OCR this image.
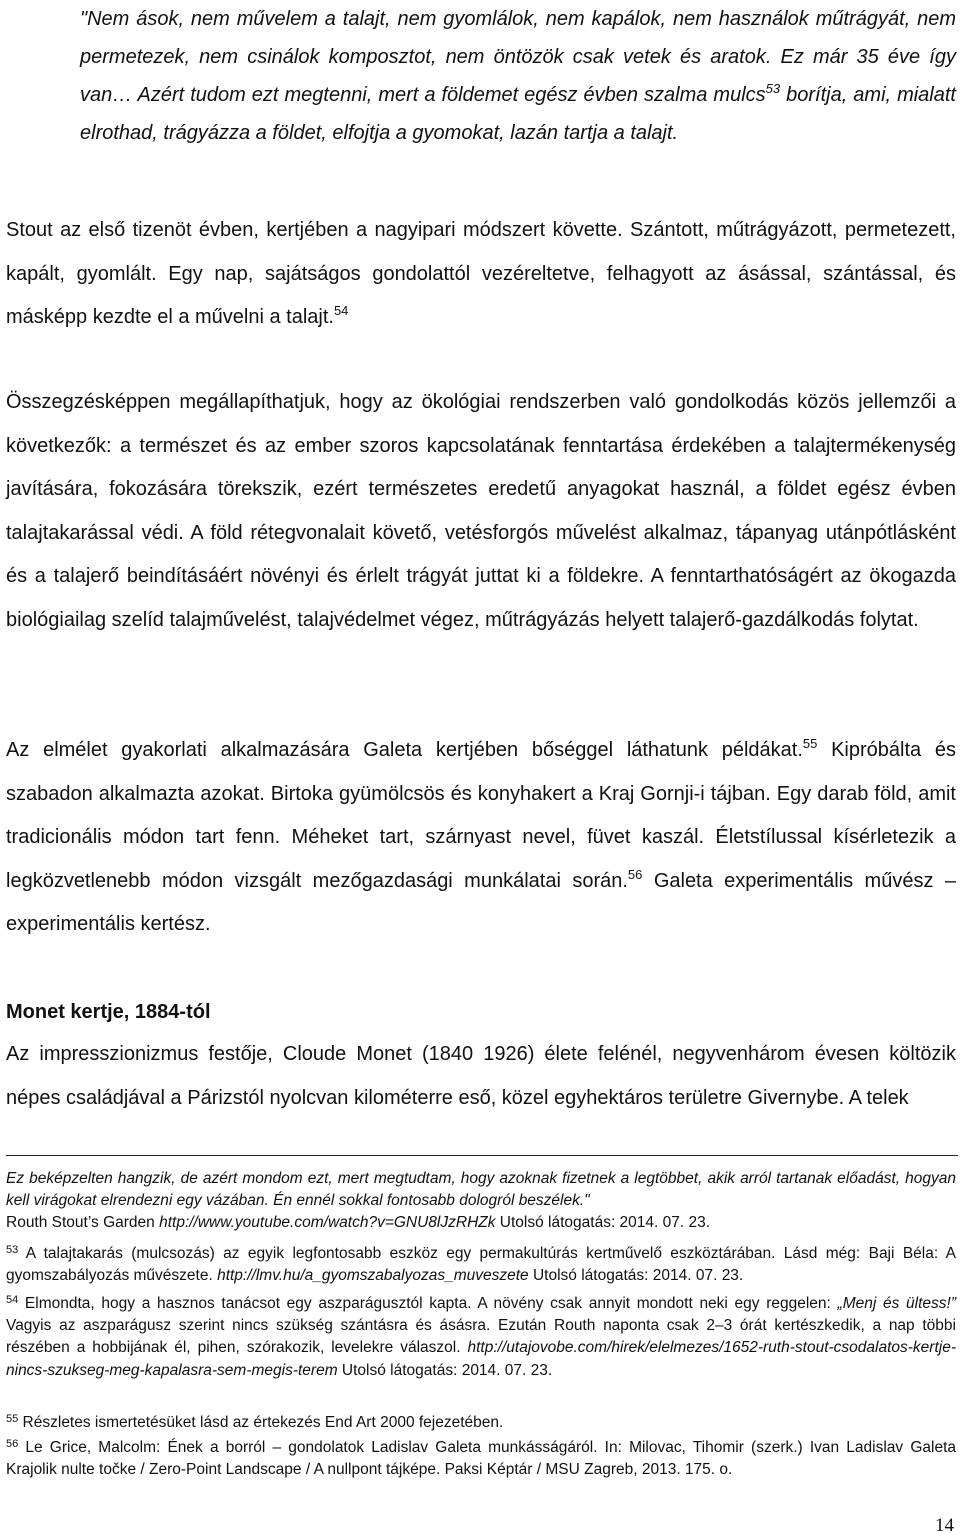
"Nem ások, nem művelem a talajt, nem gyomlálok, nem kapálok, nem használok műtrágyát, nem permetezek, nem csinálok komposztot, nem öntözök csak vetek és aratok. Ez már 35 éve így van… Azért tudom ezt megtenni, mert a földemet egész évben szalma mulcs$^{53}$ borítja, ami, mialatt elrothad, trágyázza a földet, elfojtja a gyomokat, lazán tartja a talajt.

Stout az első tizenöt évben, kertjében a nagyipari módszert követte. Szántott, műtrágyázott, permetezett, kapált, gyomlált. Egy nap, sajátságos gondolattól vezéreltetve, felhagyott az ásással, szántással, és másképp kezdte el a művelni a talajt.$^{54}$

Összegzésképpen megállapíthatjuk, hogy az ökológiai rendszerben való gondolkodás közös jellemzői a következők: a természet és az ember szoros kapcsolatának fenntartása érdekében a talajtermékenység javítására, fokozására törekszik, ezért természetes eredetű anyagokat használ, a földet egész évben talajtakarással védi. A föld rétegvonalait követő, vetésforgós művelést alkalmaz, tápanyag utánpótlásként és a talajerő beindításáért növényi és érlelt trágyát juttat ki a földekre. A fenntarthatóságért az ökogazda biológiailag szelíd talajművelést, talajvédelmet végez, műtrágyázás helyett talajerő-gazdálkodás folytat.

Az elmélet gyakorlati alkalmazására Galeta kertjében bőséggel láthatunk példákat.$^{55}$ Kipróbálta és szabadon alkalmazta azokat. Birtoka gyümölcsös és konyhakert a Kraj Gornji-i tájban. Egy darab föld, amit tradicionális módon tart fenn. Méheket tart, szárnyast nevel, füvet kaszál. Életstílussal kísérletezik a legközvetlenebb módon vizsgált mezőgazdasági munkálatai során.$^{56}$ Galeta experimentális művész – experimentális kertész.

Monet kertje, 1884-tól

Az impresszionizmus festője, Cloude Monet (1840 1926) élete felénél, negyvenhárom évesen költözik népes családjával a Párizstól nyolcvan kilométerre eső, közel egyhektáros területre Givernybe. A telek

Ez beképzelten hangzik, de azért mondom ezt, mert megtudtam, hogy azoknak fizetnek a legtöbbet, akik arról tartanak előadást, hogyan kell virágokat elrendezni egy vázában. Én ennél sokkal fontosabb dologról beszélek."
Routh Stout’s Garden http://www.youtube.com/watch?v=GNU8lJzRHZk Utolsó látogatás: 2014. 07. 23.

$^{53}$ A talajtakarás (mulcsozás) az egyik legfontosabb eszköz egy permakultúrás kertművelő eszköztárában. Lásd még: Baji Béla: A gyomszabályozás művészete. http://lmv.hu/a_gyomszabalyozas_muveszete Utolsó látogatás: 2014. 07. 23.

$^{54}$ Elmondta, hogy a hasznos tanácsot egy aszparágusztól kapta. A növény csak annyit mondott neki egy reggelen: „Menj és ültess!” Vagyis az aszparágusz szerint nincs szükség szántásra és ásásra. Ezután Routh naponta csak 2–3 órát kertészkedik, a nap többi részében a hobbijának él, pihen, szórakozik, levelekre válaszol. http://utajovobe.com/hirek/elelmezes/1652-ruth-stout-csodalatos-kertje-nincs-szukseg-meg-kapalasra-sem-megis-terem Utolsó látogatás: 2014. 07. 23.

$^{55}$ Részletes ismertetésüket lásd az értekezés End Art 2000 fejezetében.

$^{56}$ Le Grice, Malcolm: Ének a borról – gondolatok Ladislav Galeta munkásságáról. In: Milovac, Tihomir (szerk.) Ivan Ladislav Galeta Krajolik nulte točke / Zero-Point Landscape / A nullpont tájképe. Paksi Képtár / MSU Zagreb, 2013. 175. o.

14
